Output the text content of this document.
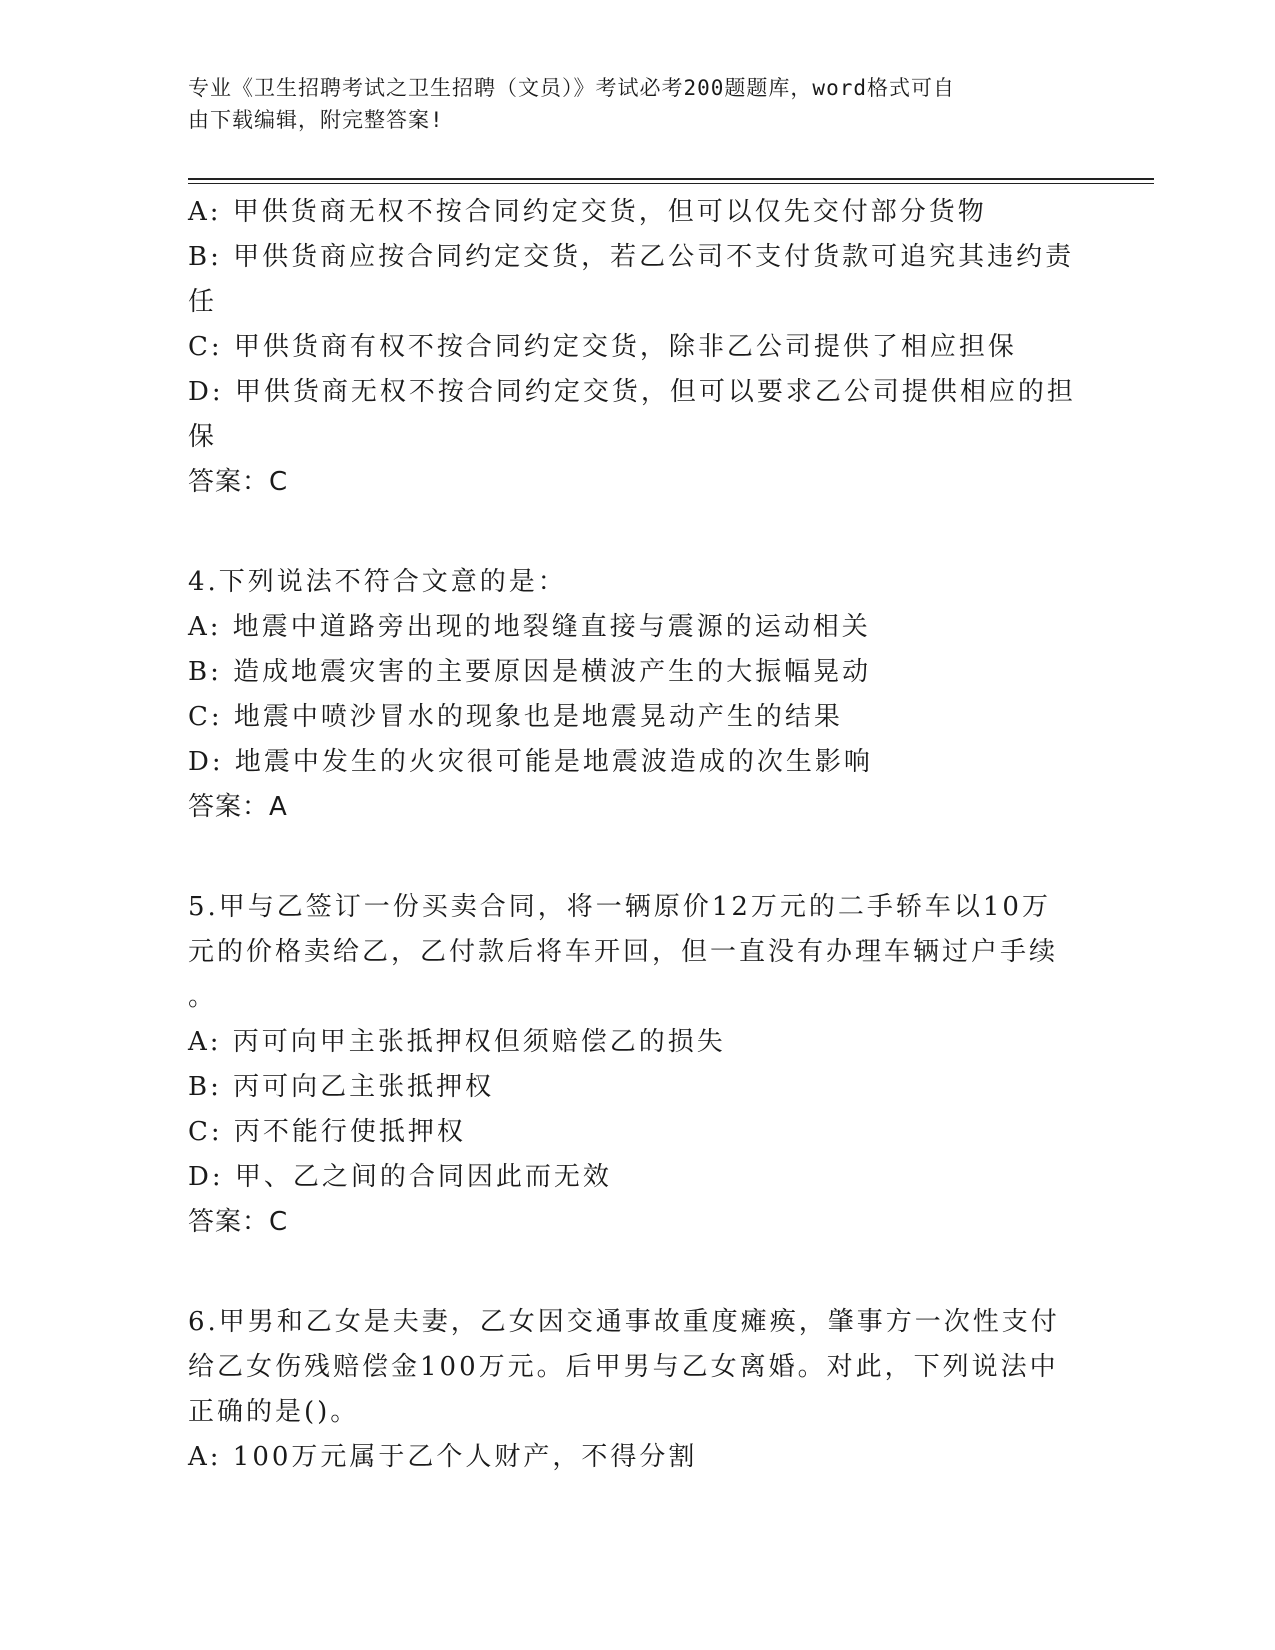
专业《卫生招聘考试之卫生招聘（文员）》考试必考200题题库，word格式可自
由下载编辑，附完整答案!
A: 甲供货商无权不按合同约定交货，但可以仅先交付部分货物
B: 甲供货商应按合同约定交货，若乙公司不支付货款可追究其违约责
任
C: 甲供货商有权不按合同约定交货，除非乙公司提供了相应担保
D: 甲供货商无权不按合同约定交货，但可以要求乙公司提供相应的担
保
答案：C
4.下列说法不符合文意的是：
A: 地震中道路旁出现的地裂缝直接与震源的运动相关
B: 造成地震灾害的主要原因是横波产生的大振幅晃动
C: 地震中喷沙冒水的现象也是地震晃动产生的结果
D: 地震中发生的火灾很可能是地震波造成的次生影响
答案：A
5.甲与乙签订一份买卖合同，将一辆原价12万元的二手轿车以10万
元的价格卖给乙，乙付款后将车开回，但一直没有办理车辆过户手续
。
A: 丙可向甲主张抵押权但须赔偿乙的损失
B: 丙可向乙主张抵押权
C: 丙不能行使抵押权
D: 甲、乙之间的合同因此而无效
答案：C
6.甲男和乙女是夫妻，乙女因交通事故重度瘫痪，肇事方一次性支付
给乙女伤残赔偿金100万元。后甲男与乙女离婚。对此，下列说法中
正确的是()。
A: 100万元属于乙个人财产，不得分割
